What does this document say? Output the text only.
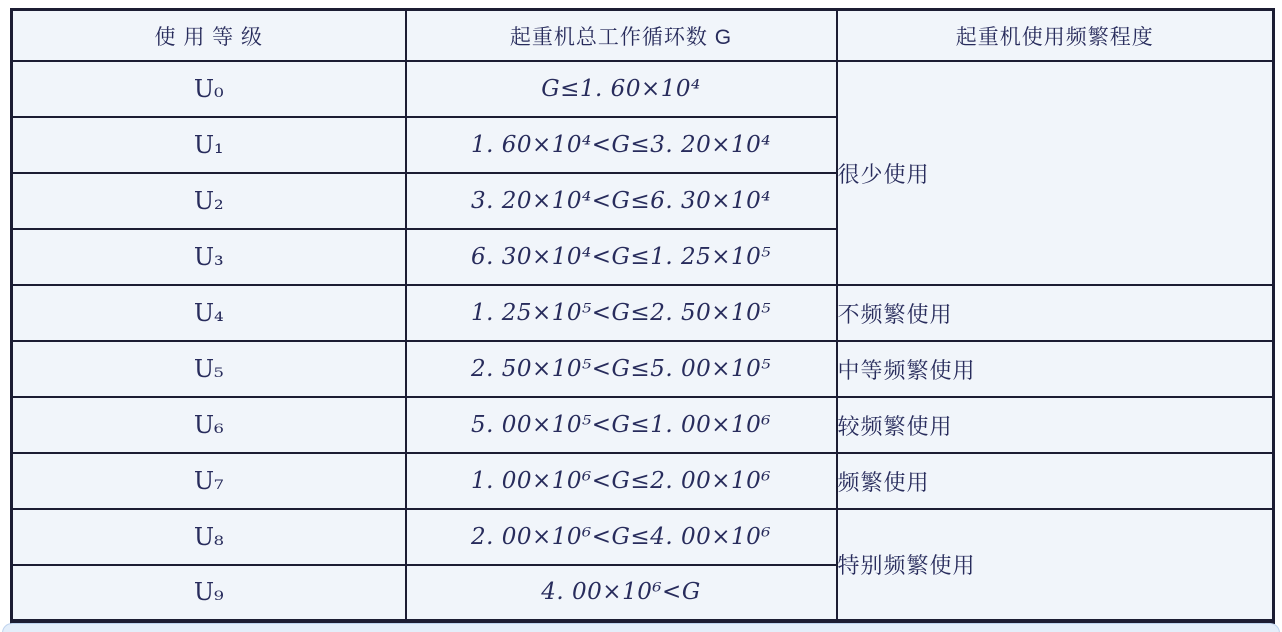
使 用 等 级	起重机总工作循环数 G	起重机使用频繁程度
U₀	G≤1. 60×10⁴	很少使用
U₁	1. 60×10⁴<G≤3. 20×10⁴	
U₂	3. 20×10⁴<G≤6. 30×10⁴	
U₃	6. 30×10⁴<G≤1. 25×10⁵	
U₄	1. 25×10⁵<G≤2. 50×10⁵	不频繁使用
U₅	2. 50×10⁵<G≤5. 00×10⁵	中等频繁使用
U₆	5. 00×10⁵<G≤1. 00×10⁶	较频繁使用
U₇	1. 00×10⁶<G≤2. 00×10⁶	频繁使用
U₈	2. 00×10⁶<G≤4. 00×10⁶	特别频繁使用
U₉	4. 00×10⁶<G	
